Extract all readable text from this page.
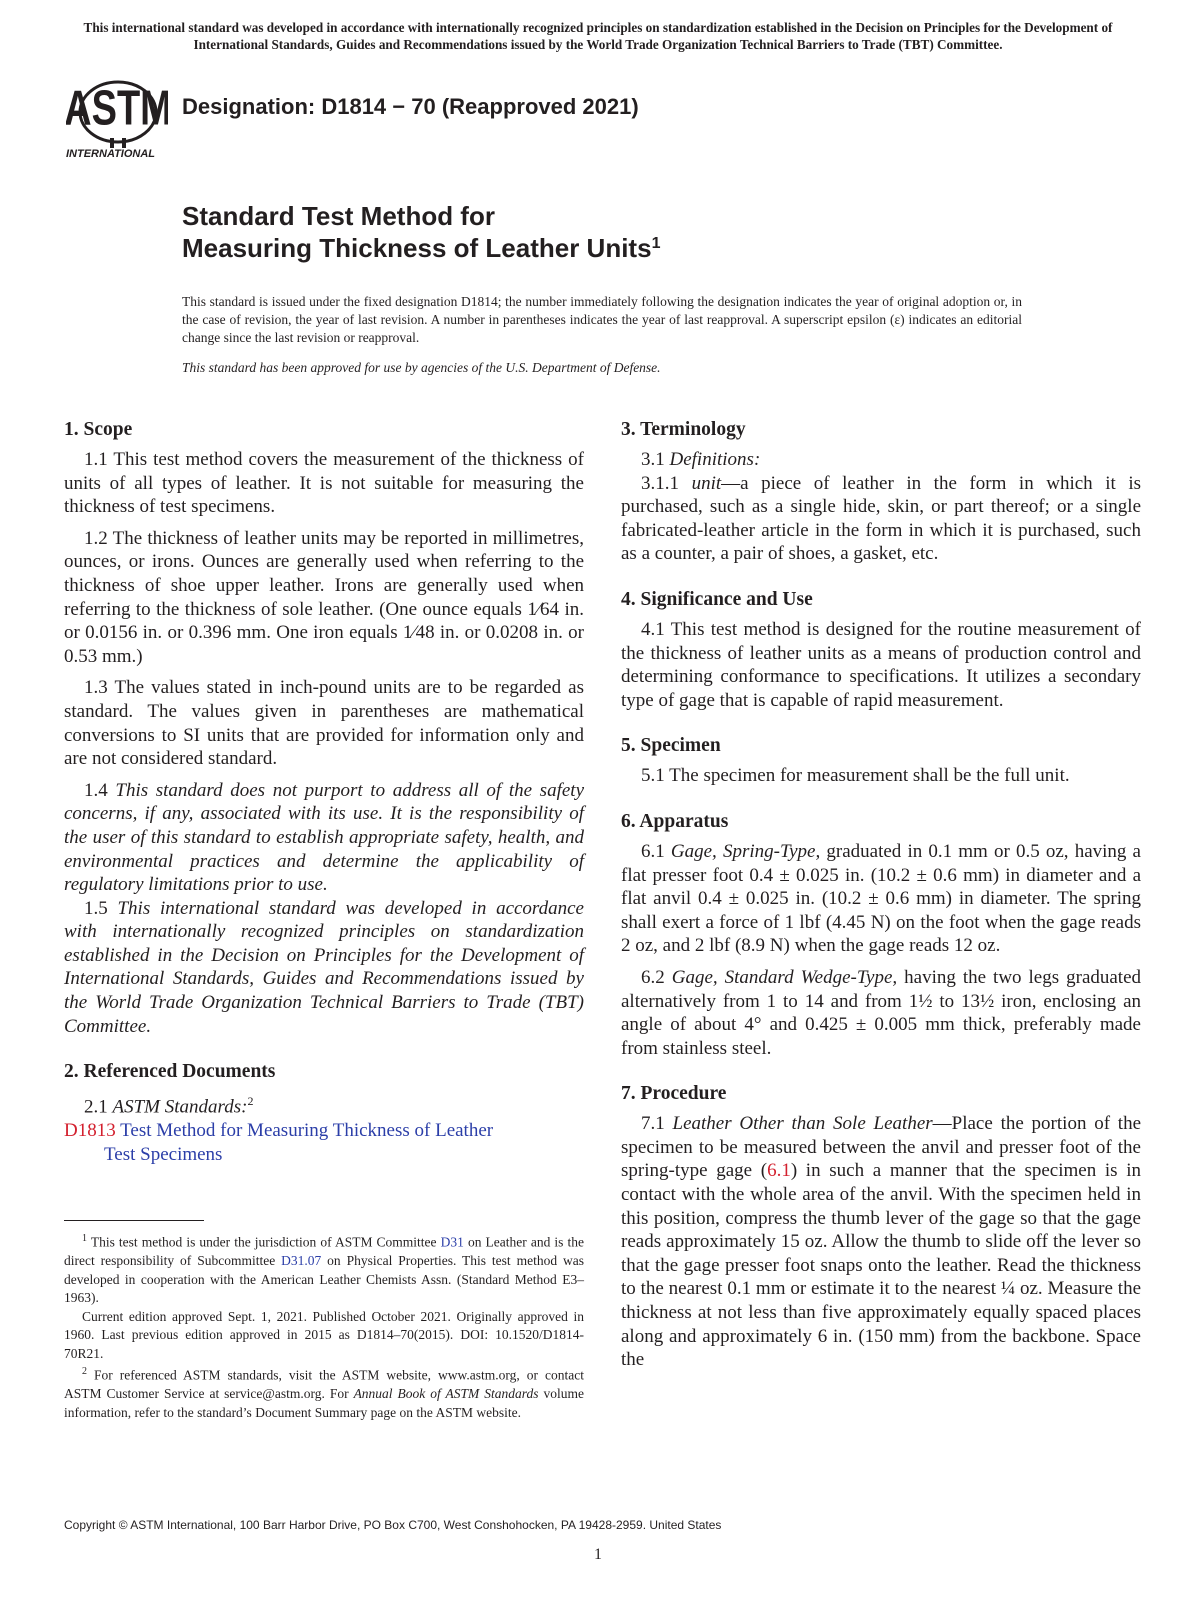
This international standard was developed in accordance with internationally recognized principles on standardization established in the Decision on Principles for the Development of International Standards, Guides and Recommendations issued by the World Trade Organization Technical Barriers to Trade (TBT) Committee.
ASTM
INTERNATIONAL
Designation: D1814 − 70 (Reapproved 2021)
Standard Test Method for
Measuring Thickness of Leather Units$^1$
This standard is issued under the fixed designation D1814; the number immediately following the designation indicates the year of original adoption or, in the case of revision, the year of last revision. A number in parentheses indicates the year of last reapproval. A superscript epsilon (ε) indicates an editorial change since the last revision or reapproval.
This standard has been approved for use by agencies of the U.S. Department of Defense.
1. Scope

1.1 This test method covers the measurement of the thickness of units of all types of leather. It is not suitable for measuring the thickness of test specimens.

1.2 The thickness of leather units may be reported in millimetres, ounces, or irons. Ounces are generally used when referring to the thickness of shoe upper leather. Irons are generally used when referring to the thickness of sole leather. (One ounce equals 1⁄64 in. or 0.0156 in. or 0.396 mm. One iron equals 1⁄48 in. or 0.0208 in. or 0.53 mm.)

1.3 The values stated in inch-pound units are to be regarded as standard. The values given in parentheses are mathematical conversions to SI units that are provided for information only and are not considered standard.

1.4 This standard does not purport to address all of the safety concerns, if any, associated with its use. It is the responsibility of the user of this standard to establish appropriate safety, health, and environmental practices and determine the applicability of regulatory limitations prior to use.

1.5 This international standard was developed in accordance with internationally recognized principles on standardization established in the Decision on Principles for the Development of International Standards, Guides and Recommendations issued by the World Trade Organization Technical Barriers to Trade (TBT) Committee.

2. Referenced Documents

2.1 ASTM Standards:$^2$

D1813 Test Method for Measuring Thickness of Leather
Test Specimens

3. Terminology

3.1 Definitions:

3.1.1 unit—a piece of leather in the form in which it is purchased, such as a single hide, skin, or part thereof; or a single fabricated-leather article in the form in which it is purchased, such as a counter, a pair of shoes, a gasket, etc.

4. Significance and Use

4.1 This test method is designed for the routine measurement of the thickness of leather units as a means of production control and determining conformance to specifications. It utilizes a secondary type of gage that is capable of rapid measurement.

5. Specimen

5.1 The specimen for measurement shall be the full unit.

6. Apparatus

6.1 Gage, Spring-Type, graduated in 0.1 mm or 0.5 oz, having a flat presser foot 0.4 ± 0.025 in. (10.2 ± 0.6 mm) in diameter and a flat anvil 0.4 ± 0.025 in. (10.2 ± 0.6 mm) in diameter. The spring shall exert a force of 1 lbf (4.45 N) on the foot when the gage reads 2 oz, and 2 lbf (8.9 N) when the gage reads 12 oz.

6.2 Gage, Standard Wedge-Type, having the two legs graduated alternatively from 1 to 14 and from 1½ to 13½ iron, enclosing an angle of about 4° and 0.425 ± 0.005 mm thick, preferably made from stainless steel.

7. Procedure

7.1 Leather Other than Sole Leather—Place the portion of the specimen to be measured between the anvil and presser foot of the spring-type gage (6.1) in such a manner that the specimen is in contact with the whole area of the anvil. With the specimen held in this position, compress the thumb lever of the gage so that the gage reads approximately 15 oz. Allow the thumb to slide off the lever so that the gage presser foot snaps onto the leather. Read the thickness to the nearest 0.1 mm or estimate it to the nearest ¼ oz. Measure the thickness at not less than five approximately equally spaced places along and approximately 6 in. (150 mm) from the backbone. Space the

$^1$ This test method is under the jurisdiction of ASTM Committee D31 on Leather and is the direct responsibility of Subcommittee D31.07 on Physical Properties. This test method was developed in cooperation with the American Leather Chemists Assn. (Standard Method E3–1963).

Current edition approved Sept. 1, 2021. Published October 2021. Originally approved in 1960. Last previous edition approved in 2015 as D1814–70(2015). DOI: 10.1520/D1814-70R21.

$^2$ For referenced ASTM standards, visit the ASTM website, www.astm.org, or contact ASTM Customer Service at service@astm.org. For Annual Book of ASTM Standards volume information, refer to the standard’s Document Summary page on the ASTM website.

Copyright © ASTM International, 100 Barr Harbor Drive, PO Box C700, West Conshohocken, PA 19428-2959. United States
1
